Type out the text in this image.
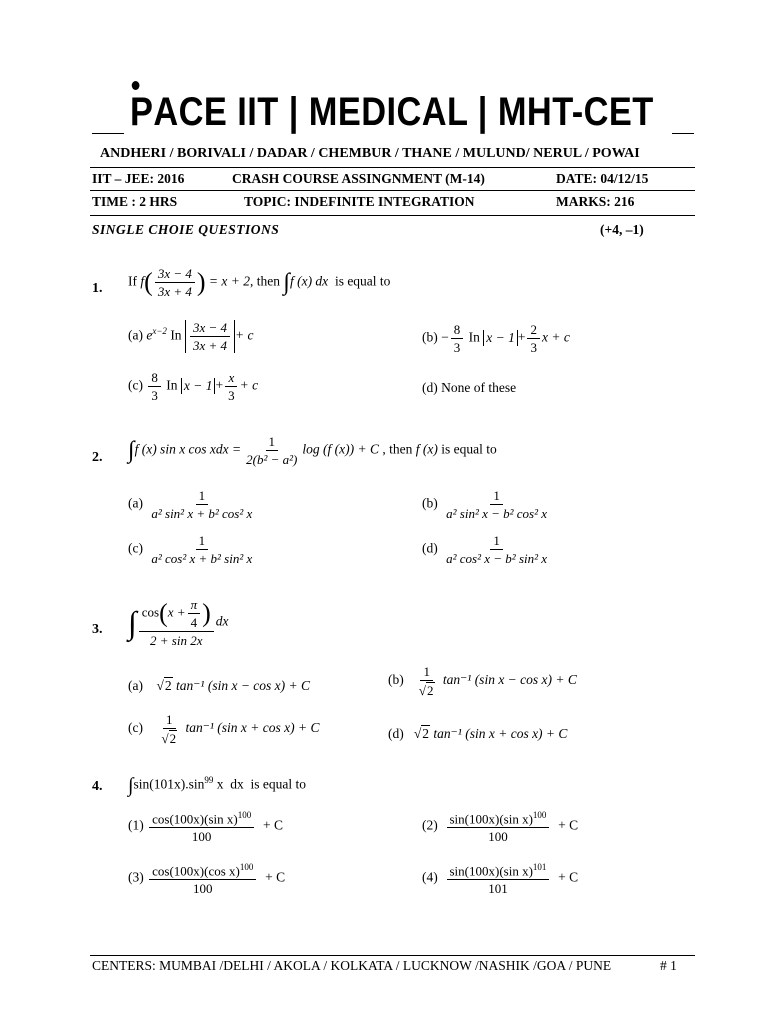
PACE IIT | MEDICAL | MHT-CET
ANDHERI / BORIVALI / DADAR / CHEMBUR / THANE / MULUND/ NERUL / POWAI
IIT – JEE: 2016	CRASH COURSE ASSINGNMENT (M-14)	DATE: 04/12/15
TIME : 2 HRS	TOPIC: INDEFINITE INTEGRATION	MARKS: 216
SINGLE CHOIE QUESTIONS	(+4, –1)
1. If $f( \frac{3x - 4}{3x + 4}$ ) = x + 2, then ∫f (x) dx is equal to
(a) $e^{x-2}$ In $\frac{3x - 4}{3x + 4} + c$	$(b) - \frac{8}{3}$ In $x - 1 + \frac{2}{3}$ x + c
$(c) \frac{8}{3}$ In $x - 1 + \frac{x}{3} + c$	(d) None of these
2. ∫f (x) sin x cos xdx = $\frac{1}{\text{2(b² − a²)}}$ log (f (x)) + C , then f (x) is equal to
$(a) \frac{1}{\text{a² sin² x + b² cos² x}}$	$(b) \frac{1}{\text{a² sin² x − b² cos² x}}$
$(c) \frac{1}{\text{a² cos² x + b² sin² x}}$	$(d) \frac{1}{\text{a² cos² x − b² sin² x}}$
3. ∫ $\frac{\cos(x + \frac{\pi}{4} )}{2 + \sin 2x}$ dx
(a)    √2 tan⁻¹ (sin x − cos x) + C	$(b) \frac{1}{√2} \tan^{-1}$ (sin x − cos x) + C
$(c) \frac{1}{√2} \tan^{-1}$ (sin x + cos x) + C	(d)   √2 tan⁻¹ (sin x + cos x) + C
4. $\int\sin(101x).\sin^{99}$ x dx is equal to
$(1) \frac{\cos(100x)(\sin x)^{100}}{100} + C$	$(2) \frac{\sin(100x)(\sin x)^{100}}{100} + C$
$(3) \frac{\cos(100x)(\cos x)^{100}}{100} + C$	$(4) \frac{\sin(100x)(\sin x)^{101}}{101} + C$
CENTERS: MUMBAI /DELHI / AKOLA / KOLKATA / LUCKNOW /NASHIK /GOA / PUNE	# 1
